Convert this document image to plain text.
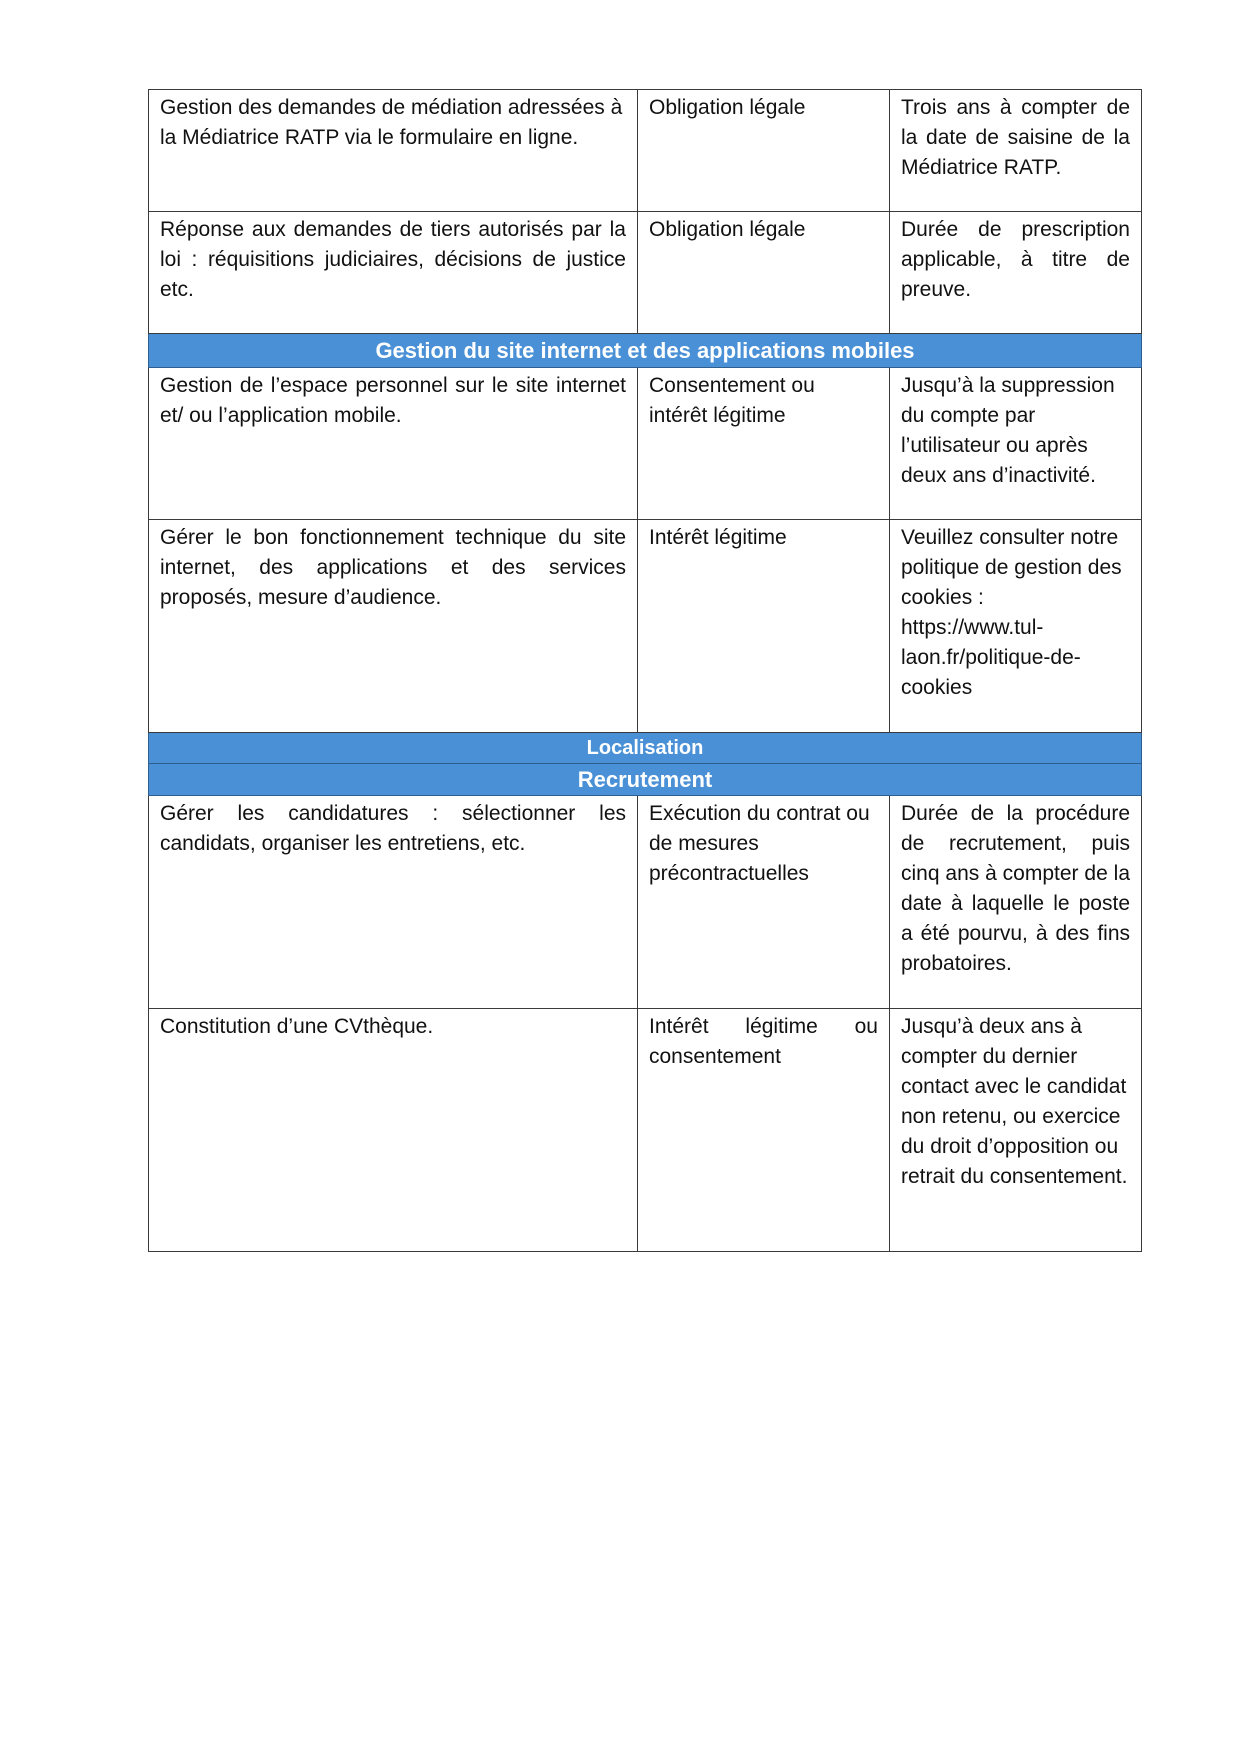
Gestion des demandes de médiation adressées à la Médiatrice RATP via le formulaire en ligne.	Obligation légale	Trois ans à compter de la date de saisine de la Médiatrice RATP.
Réponse aux demandes de tiers autorisés par la loi : réquisitions judiciaires, décisions de justice etc.	Obligation légale	Durée de prescription applicable, à titre de preuve.
Gestion du site internet et des applications mobiles		
Gestion de l’espace personnel sur le site internet et/ ou l’application mobile.	Consentement ou intérêt légitime	Jusqu’à la suppression du compte par l’utilisateur ou après deux ans d’inactivité.
Gérer le bon fonctionnement technique du site internet, des applications et des services proposés, mesure d’audience.	Intérêt légitime	Veuillez consulter notre politique de gestion des cookies : https://www.tul-laon.fr/politique-de-cookies
Localisation		
Recrutement		
Gérer les candidatures : sélectionner les candidats, organiser les entretiens, etc.	Exécution du contrat ou de mesures précontractuelles	Durée de la procédure de recrutement, puis cinq ans à compter de la date à laquelle le poste a été pourvu, à des fins probatoires.
Constitution d’une CVthèque.	Intérêt légitime ou consentement	Jusqu’à deux ans à compter du dernier contact avec le candidat non retenu, ou exercice du droit d’opposition ou retrait du consentement.
